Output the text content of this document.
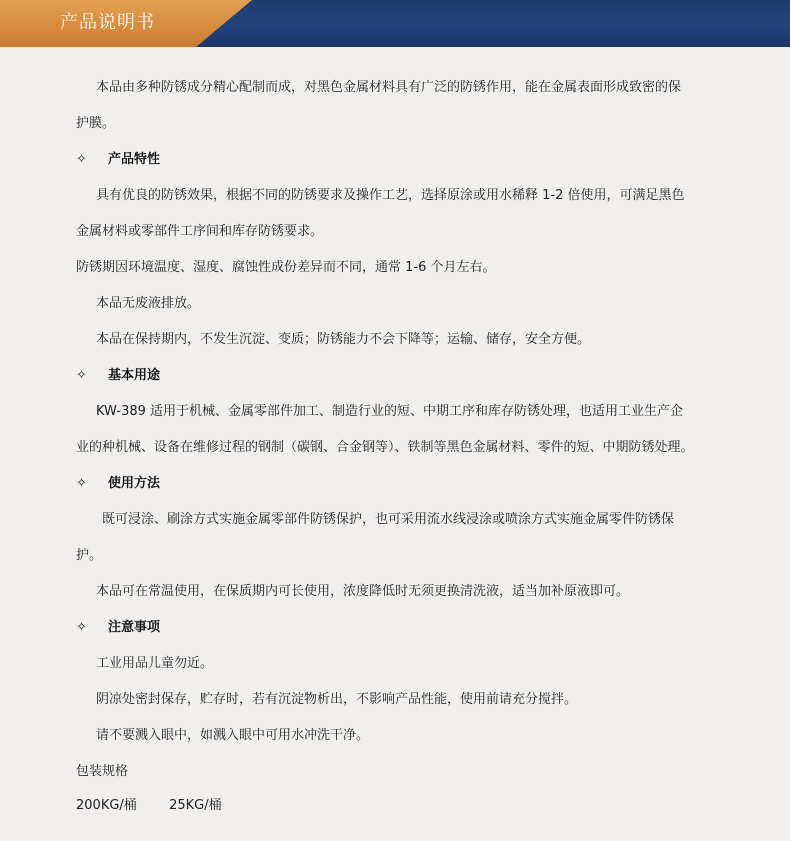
产品说明书
本品由多种防锈成分精心配制而成，对黑色金属材料具有广泛的防锈作用，能在金属表面形成致密的保
护膜。
✧ 产品特性
具有优良的防锈效果，根据不同的防锈要求及操作工艺，选择原涂或用水稀释 1-2 倍使用，可满足黑色
金属材料或零部件工序间和库存防锈要求。
防锈期因环境温度、湿度、腐蚀性成份差异而不同，通常 1-6 个月左右。
本品无废液排放。
本品在保持期内，不发生沉淀、变质；防锈能力不会下降等；运输、储存，安全方便。
✧ 基本用途
KW-389 适用于机械、金属零部件加工、制造行业的短、中期工序和库存防锈处理，也适用工业生产企
业的种机械、设备在维修过程的钢制（碳钢、合金钢等）、铁制等黑色金属材料、零件的短、中期防锈处理。
✧ 使用方法
既可浸涂、刷涂方式实施金属零部件防锈保护，也可采用流水线浸涂或喷涂方式实施金属零件防锈保
护。
本品可在常温使用，在保质期内可长使用，浓度降低时无须更换清洗液，适当加补原液即可。
✧ 注意事项
工业用品儿童勿近。
阴凉处密封保存，贮存时，若有沉淀物析出，不影响产品性能，使用前请充分搅拌。
请不要溅入眼中，如溅入眼中可用水冲洗干净。
包装规格
200KG/桶 25KG/桶
